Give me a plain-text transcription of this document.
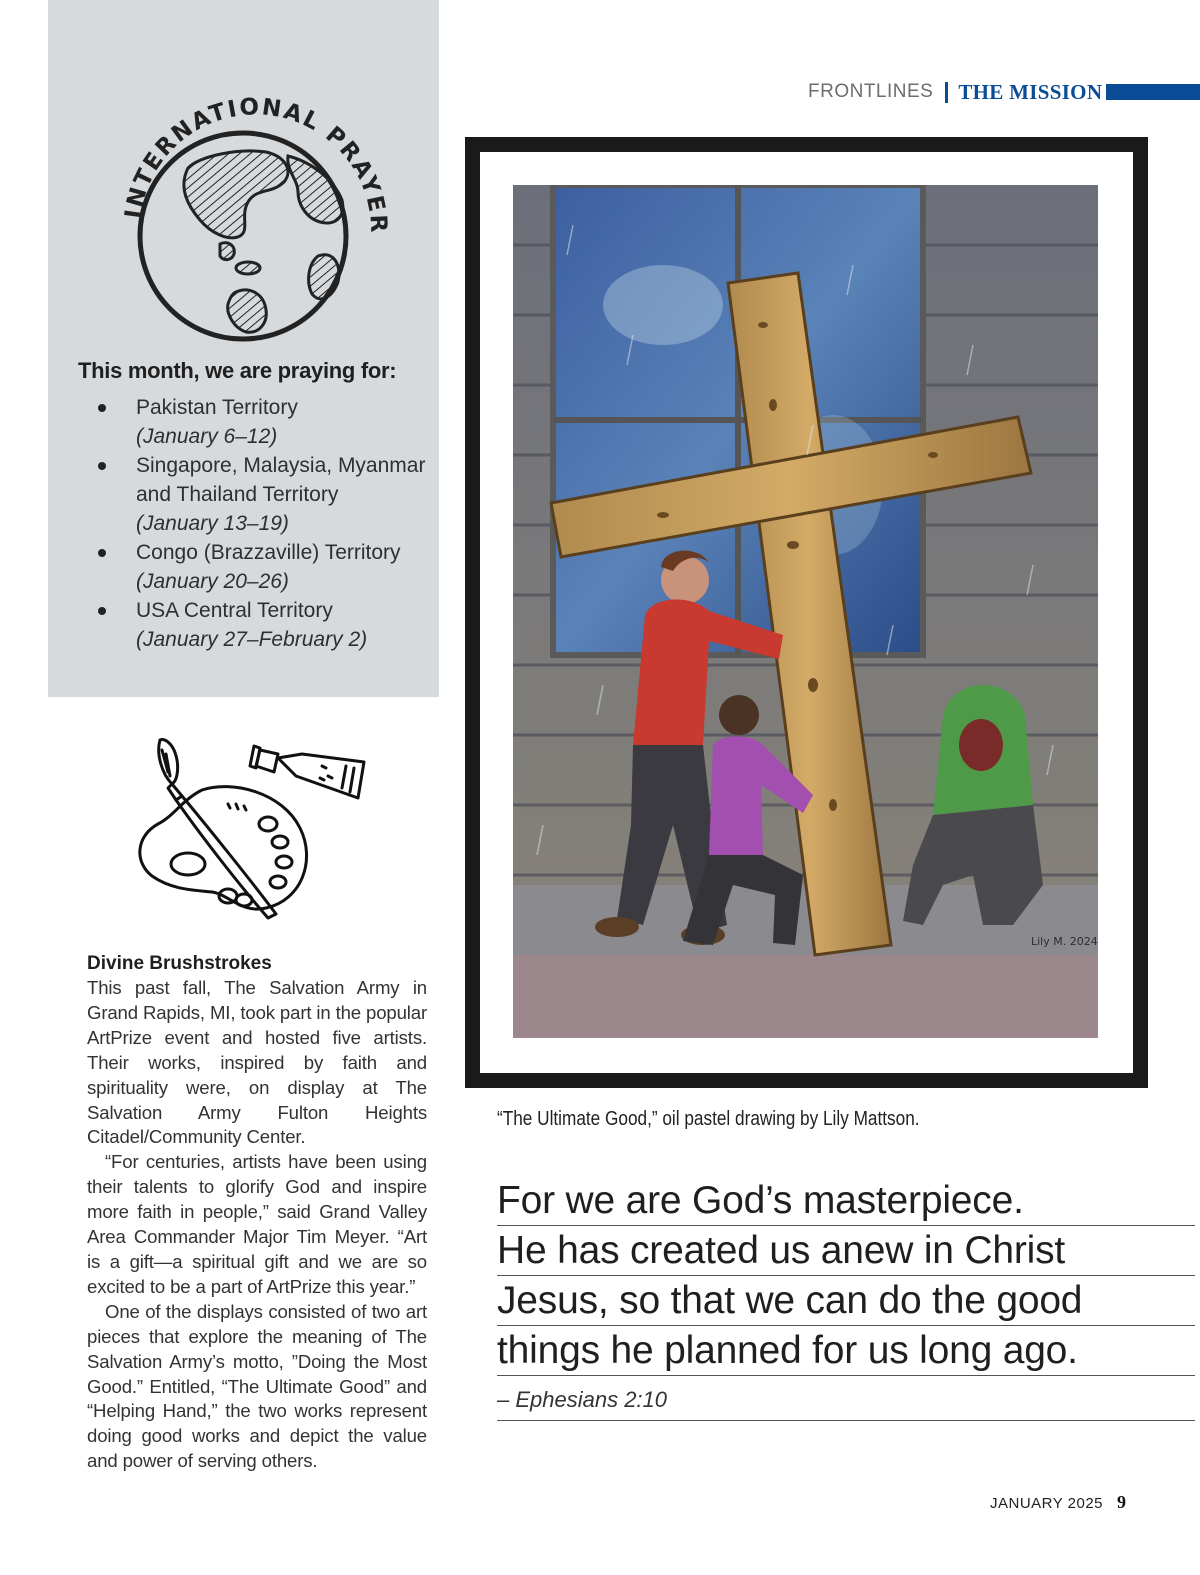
FRONTLINES THE MISSION
INTERNATIONAL PRAYER
This month, we are praying for:
Pakistan Territory
(January 6–12)
Singapore, Malaysia, Myanmar and Thailand Territory
(January 13–19)
Congo (Brazzaville) Territory
(January 20–26)
USA Central Territory
(January 27–February 2)
Divine Brushstrokes

This past fall, The Salvation Army in Grand Rapids, MI, took part in the popular ArtPrize event and hosted five artists. Their works, inspired by faith and spirituality were, on display at The Salvation Army Fulton Heights Citadel/Community Center.

“For centuries, artists have been using their talents to glorify God and inspire more faith in people,” said Grand Valley Area Commander Major Tim Meyer. “Art is a gift—a spiritual gift and we are so excited to be a part of ArtPrize this year.”

One of the displays consisted of two art pieces that explore the meaning of The Salvation Army’s motto, ”Doing the Most Good.” Entitled, “The Ultimate Good” and “Helping Hand,” the two works represent doing good works and depict the value and power of serving others.

Lily M. 2024

“The Ultimate Good,” oil pastel drawing by Lily Mattson.

For we are God’s masterpiece.
He has created us anew in Christ
Jesus, so that we can do the good
things he planned for us long ago.
– Ephesians 2:10
JANUARY 2025 9
